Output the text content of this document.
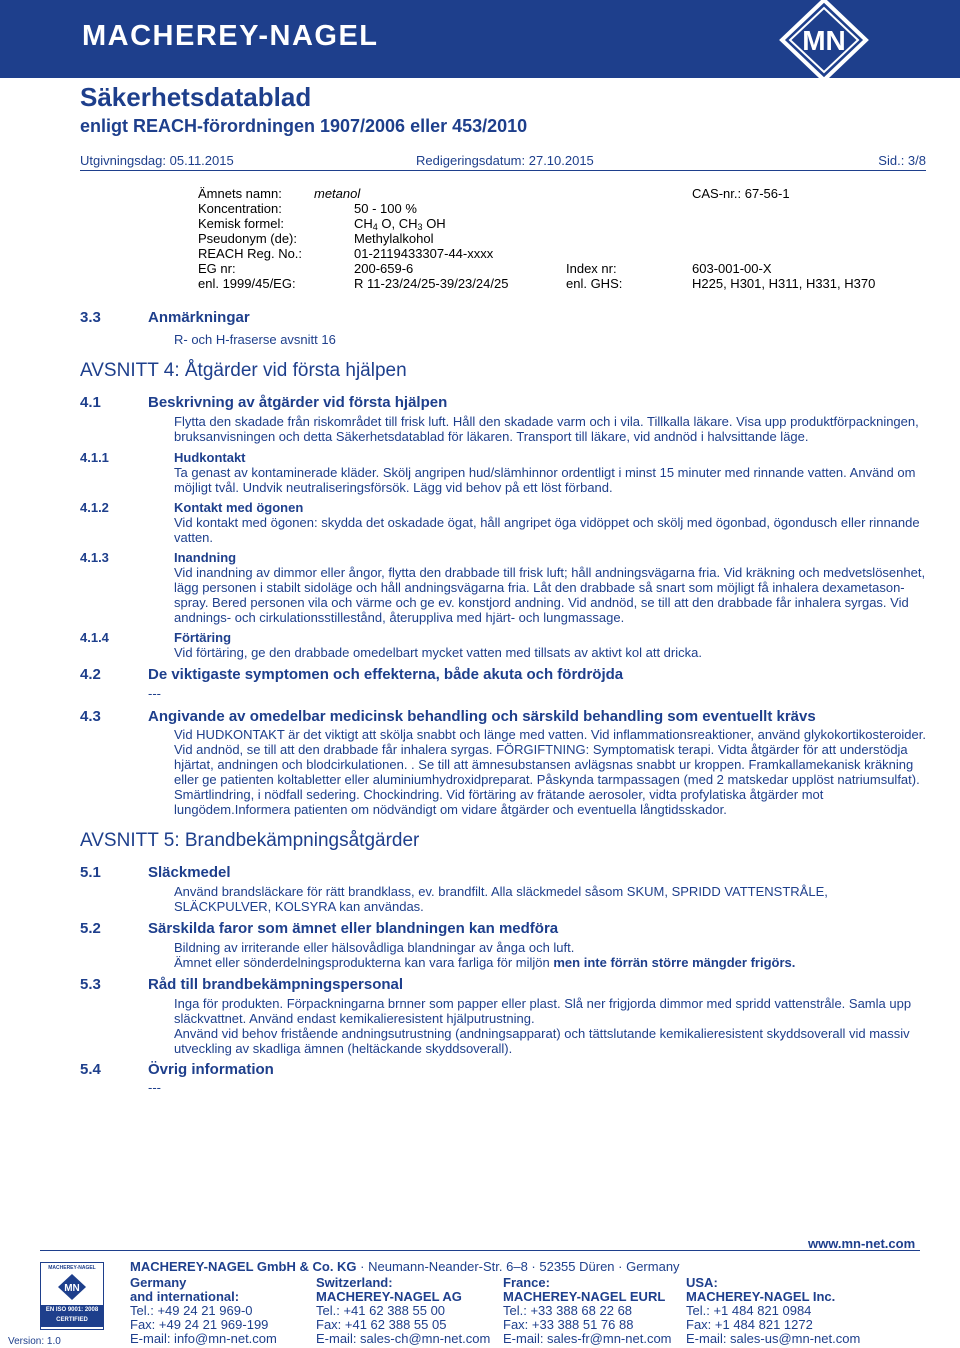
MACHEREY-NAGEL	MN
Säkerhetsdatablad
enligt REACH-förordningen 1907/2006 eller 453/2010
Utgivningsdag: 05.11.2015	Redigeringsdatum: 27.10.2015	Sid.: 3/8
Ämnets namn: metanol	CAS-nr.: 67-56-1
Koncentration:	50 - 100 %
Kemisk formel:	$CH_4$ O, $CH_3$ OH
Pseudonym (de):	Methylalkohol
REACH Reg. No.:	01-2119433307-44-xxxx
EG nr:	200-659-6	Index nr:	603-001-00-X
enl. 1999/45/EG:	R 11-23/24/25-39/23/24/25	enl. GHS:	H225, H301, H311, H331, H370
3.3	Anmärkningar
R- och H-fraserse avsnitt 16
AVSNITT 4: Åtgärder vid första hjälpen
4.1	Beskrivning av åtgärder vid första hjälpen
Flytta den skadade från riskområdet till frisk luft. Håll den skadade varm och i vila. Tillkalla läkare. Visa upp produktförpackningen, bruksanvisningen och detta Säkerhetsdatablad för läkaren. Transport till läkare, vid andnöd i halvsittande läge.
4.1.1	Hudkontakt
Ta genast av kontaminerade kläder. Skölj angripen hud/slämhinnor ordentligt i minst 15 minuter med rinnande vatten. Använd om möjligt tvål. Undvik neutraliseringsförsök. Lägg vid behov på ett löst förband.
4.1.2	Kontakt med ögonen
Vid kontakt med ögonen: skydda det oskadade ögat, håll angripet öga vidöppet och skölj med ögonbad, ögondusch eller rinnande vatten.
4.1.3	Inandning
Vid inandning av dimmor eller ångor, flytta den drabbade till frisk luft; håll andningsvägarna fria. Vid kräkning och medvetslösenhet, lägg personen i stabilt sidoläge och håll andningsvägarna fria. Låt den drabbade så snart som möjligt få inhalera dexametason-spray. Bered personen vila och värme och ge ev. konstjord andning. Vid andnöd, se till att den drabbade får inhalera syrgas. Vid andnings- och cirkulationsstillestånd, återuppliva med hjärt- och lungmassage.
4.1.4	Förtäring
Vid förtäring, ge den drabbade omedelbart mycket vatten med tillsats av aktivt kol att dricka.
4.2	De viktigaste symptomen och effekterna, både akuta och fördröjda
---
4.3	Angivande av omedelbar medicinsk behandling och särskild behandling som eventuellt krävs
Vid HUDKONTAKT är det viktigt att skölja snabbt och länge med vatten. Vid inflammationsreaktioner, använd glykokortikosteroider. Vid andnöd, se till att den drabbade får inhalera syrgas. FÖRGIFTNING: Symptomatisk terapi. Vidta åtgärder för att understödja hjärtat, andningen och blodcirkulationen. . Se till att ämnesubstansen avlägsnas snabbt ur kroppen. Framkallamekanisk kräkning eller ge patienten koltabletter eller aluminiumhydroxidpreparat. Påskynda tarmpassagen (med 2 matskedar upplöst natriumsulfat). Smärtlindring, i nödfall sedering. Chockindring. Vid förtäring av frätande aerosoler, vidta profylatiska åtgärder mot lungödem.Informera patienten om nödvändigt om vidare åtgärder och eventuella långtidsskador.
AVSNITT 5: Brandbekämpningsåtgärder
5.1	Släckmedel
Använd brandsläckare för rätt brandklass, ev. brandfilt. Alla släckmedel såsom SKUM, SPRIDD VATTENSTRÅLE, SLÄCKPULVER, KOLSYRA kan användas.
5.2	Särskilda faror som ämnet eller blandningen kan medföra
Bildning av irriterande eller hälsovådliga blandningar av ånga och luft.
Ämnet eller sönderdelningsprodukterna kan vara farliga för miljön men inte förrän större mängder frigörs.
5.3	Råd till brandbekämpningspersonal
Inga för produkten. Förpackningarna brnner som papper eller plast. Slå ner frigjorda dimmor med spridd vattenstråle. Samla upp släckvattnet. Använd endast kemikalieresistent hjälputrustning.
Använd vid behov fristående andningsutrustning (andningsapparat) och tättslutande kemikalieresistent skyddsoverall vid massiv utveckling av skadliga ämnen (heltäckande skyddsoverall).
5.4	Övrig information
---
www.mn-net.com
MACHEREY-NAGEL
MN
EN ISO 9001: 2008
CERTIFIED
MACHEREY-NAGEL GmbH & Co. KG · Neumann-Neander-Str. 6–8 · 52355 Düren · Germany
Germany
and international:
Tel.: +49 24 21 969-0
Fax: +49 24 21 969-199
E-mail: info@mn-net.com
Switzerland:
MACHEREY-NAGEL AG
Tel.: +41 62 388 55 00
Fax: +41 62 388 55 05
E-mail: sales-ch@mn-net.com
France:
MACHEREY-NAGEL EURL
Tel.: +33 388 68 22 68
Fax: +33 388 51 76 88
E-mail: sales-fr@mn-net.com
USA:
MACHEREY-NAGEL Inc.
Tel.: +1 484 821 0984
Fax: +1 484 821 1272
E-mail: sales-us@mn-net.com
Version: 1.0
